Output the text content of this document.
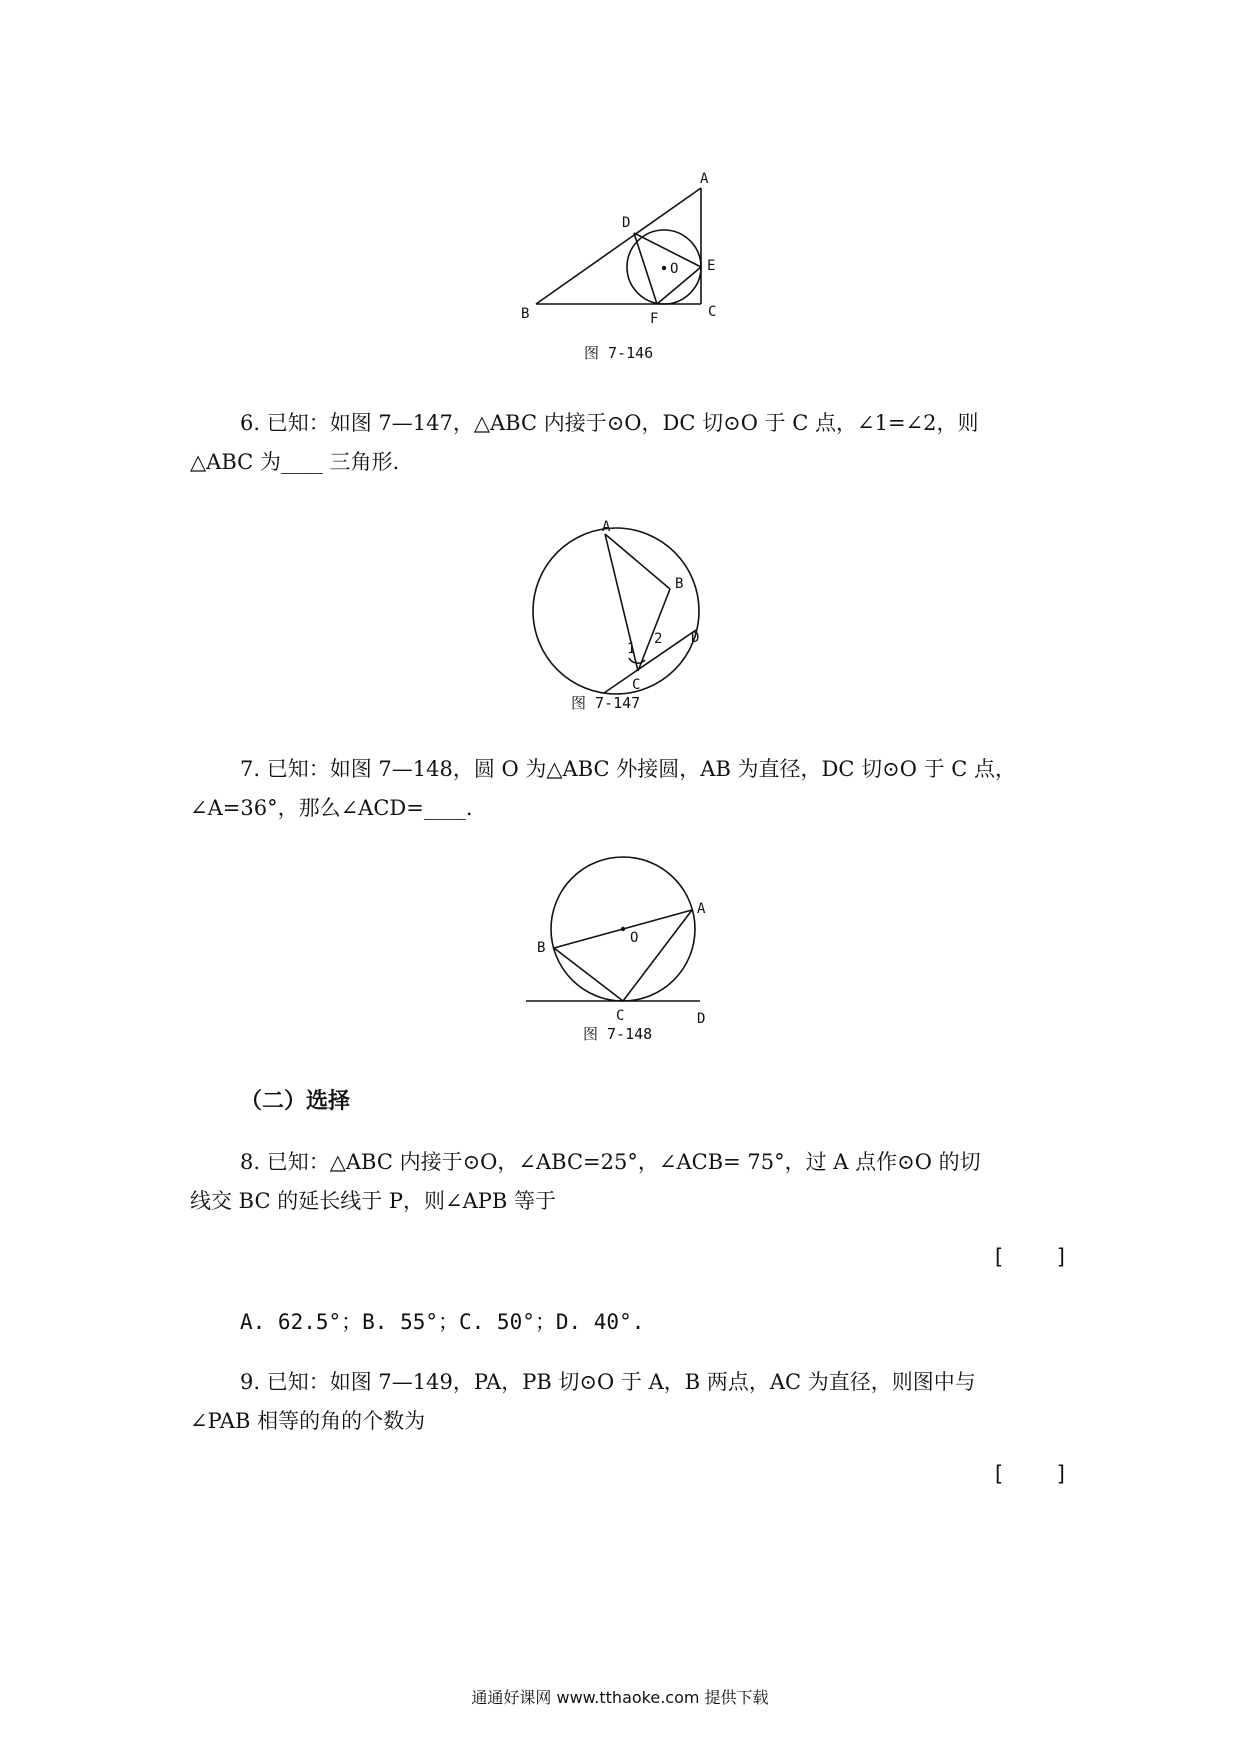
A
B	C
D
E
F
O
图 7-146
6. 已知：如图 7—147，△ABC 内接于⊙O，DC 切⊙O 于 C 点，∠1=∠2，则
△ABC 为____ 三角形.
A
B
C
D
1
2
图 7-147
7. 已知：如图 7—148，圆 O 为△ABC 外接圆，AB 为直径，DC 切⊙O 于 C 点，
∠A=36°，那么∠ACD=____.
A
B
C	D
O
图 7-148
（二）选择
8. 已知：△ABC 内接于⊙O，∠ABC=25°，∠ACB= 75°，过 A 点作⊙O 的切
线交 BC 的延长线于 P，则∠APB 等于
[    ]
A. 62.5°；B. 55°；C. 50°；D. 40°.
9. 已知：如图 7—149，PA，PB 切⊙O 于 A，B 两点，AC 为直径，则图中与
∠PAB 相等的角的个数为
[    ]
通通好课网 www.tthaoke.com 提供下载
